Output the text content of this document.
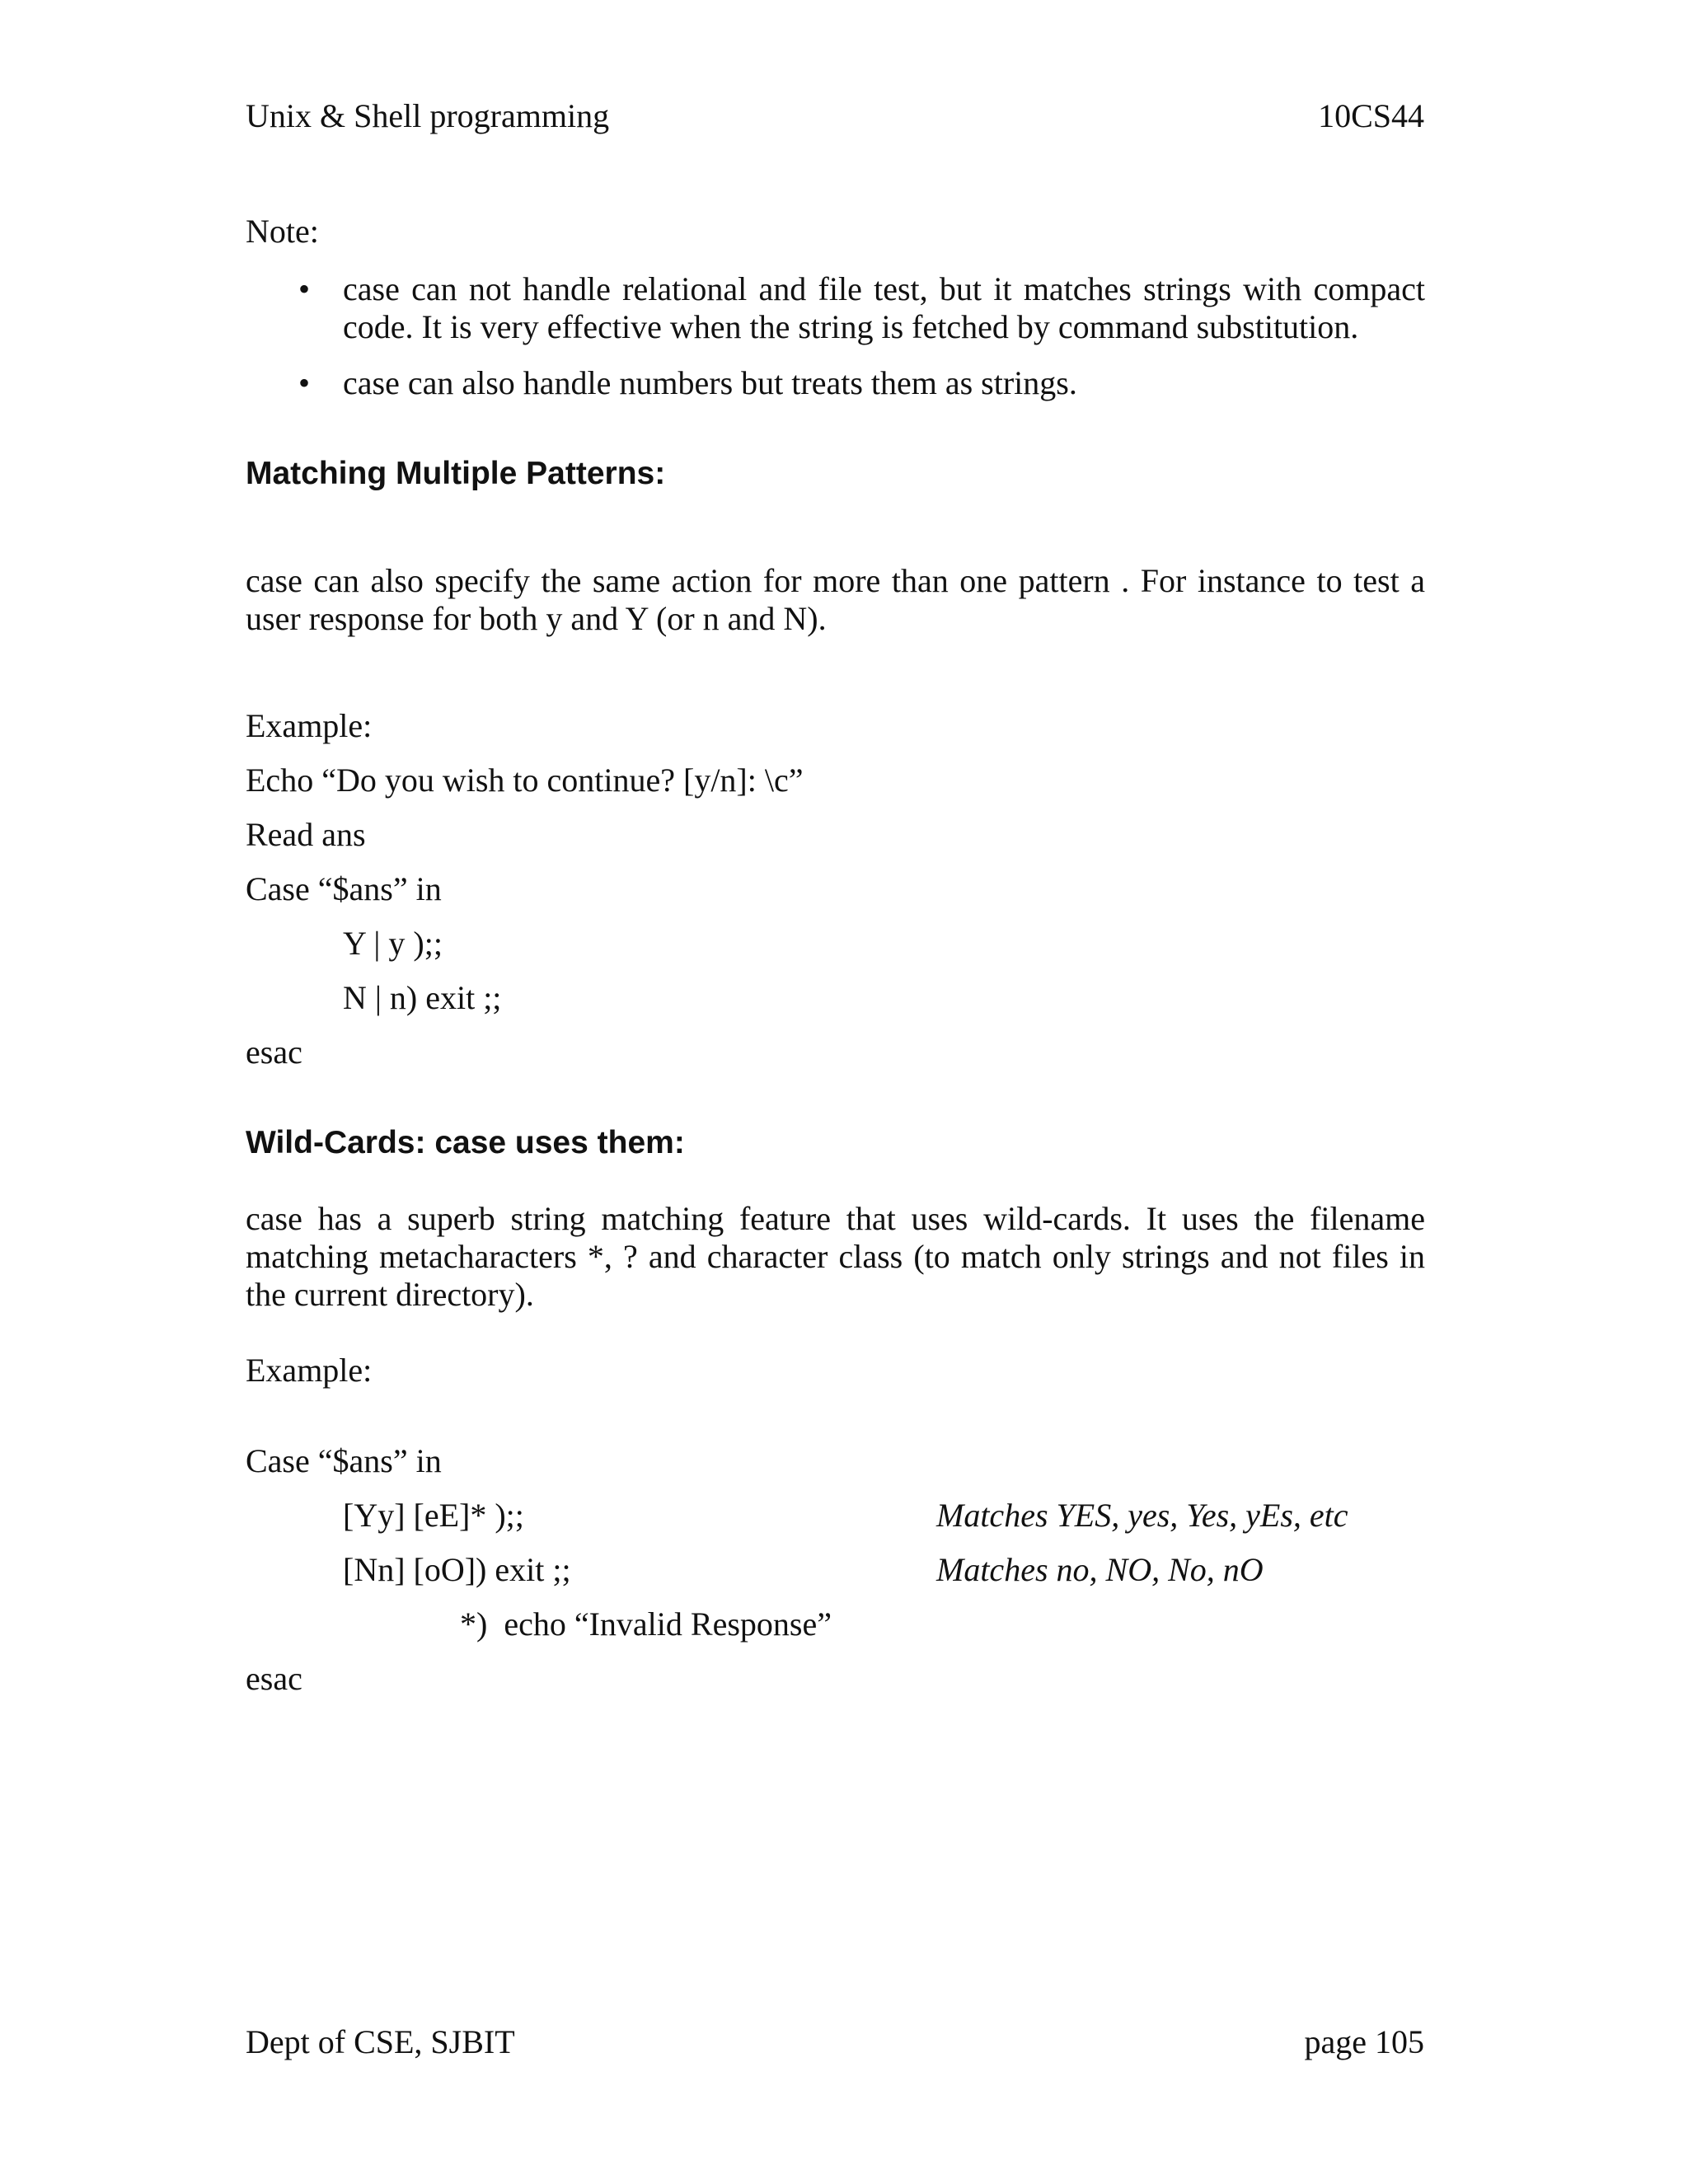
Unix & Shell programming	10CS44
Note:
• case can not handle relational and file test, but it matches strings with compact code. It is very effective when the string is fetched by command substitution.
• case can also handle numbers but treats them as strings.
Matching Multiple Patterns:
case can also specify the same action for more than one pattern . For instance to test a user response for both y and Y (or n and N).
Example:
Echo “Do you wish to continue? [y/n]: \c”
Read ans
Case “$ans” in
Y | y );;
N | n) exit ;;
esac
Wild-Cards: case uses them:
case has a superb string matching feature that uses wild-cards. It uses the filename matching metacharacters *, ? and character class (to match only strings and not files in the current directory).
Example:
Case “$ans” in
[Yy] [eE]* );;	Matches YES, yes, Yes, yEs, etc
[Nn] [oO]) exit ;;	Matches no, NO, No, nO
*)  echo “Invalid Response”
esac
Dept of CSE, SJBIT	page 105
